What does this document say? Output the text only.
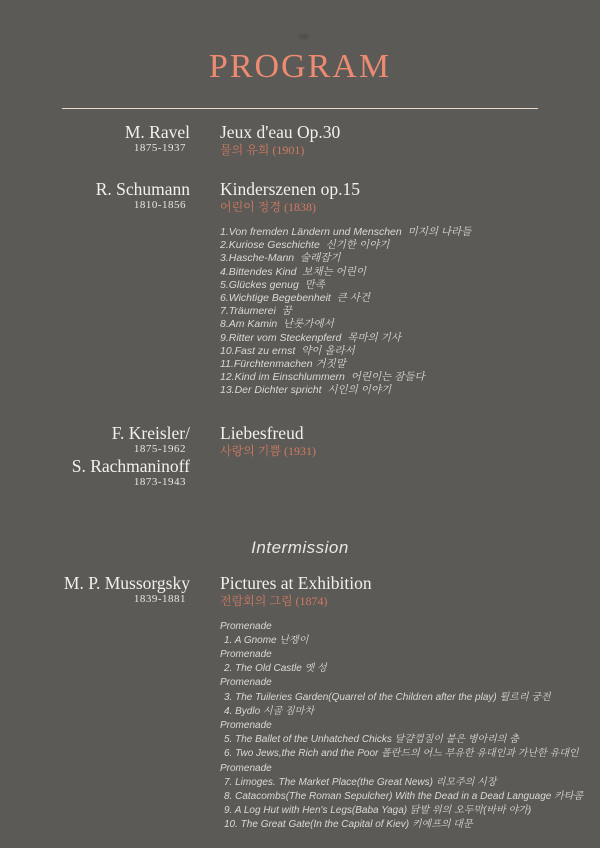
PROGRAM
M. Ravel
1875-1937
Jeux d'eau Op.30
물의 유희 (1901)
R. Schumann
1810-1856
Kinderszenen op.15
어린이 정경 (1838)
1.Von fremden Ländern und Menschen  미지의 나라들
2.Kuriose Geschichte  신기한 이야기
3.Hasche-Mann  술래잡기
4.Bittendes Kind  보채는 어린이
5.Glückes genug  만족
6.Wichtige Begebenheit  큰 사건
7.Träumerei  꿈
8.Am Kamin  난롯가에서
9.Ritter vom Steckenpferd  목마의 기사
10.Fast zu ernst  약이 올라서
11.Fürchtenmachen 거짓말
12.Kind im Einschlummern  어린이는 잠들다
13.Der Dichter spricht  시인의 이야기
F. Kreisler/
1875-1962
S. Rachmaninoff
1873-1943
Liebesfreud
사랑의 기쁨 (1931)
Intermission
M. P. Mussorgsky
1839-1881
Pictures at Exhibition
전람회의 그림 (1874)
Promenade
1. A Gnome 난쟁이
Promenade
2. The Old Castle 옛 성
Promenade
3. The Tuileries Garden(Quarrel of the Children after the play) 튈르리 궁전
4. Bydlo 시골 짐마차
Promenade
5. The Ballet of the Unhatched Chicks 달걀껍질이 붙은 병아리의 춤
6. Two Jews,the Rich and the Poor 폴란드의 어느 부유한 유대인과 가난한 유대인
Promenade
7. Limoges. The Market Place(the Great News) 리모주의 시장
8. Catacombs(The Roman Sepulcher) With the Dead in a Dead Language 카타콤
9. A Log Hut with Hen's Legs(Baba Yaga) 닭발 위의 오두막(바바 야가)
10. The Great Gate(In the Capital of Kiev) 키예프의 대문
